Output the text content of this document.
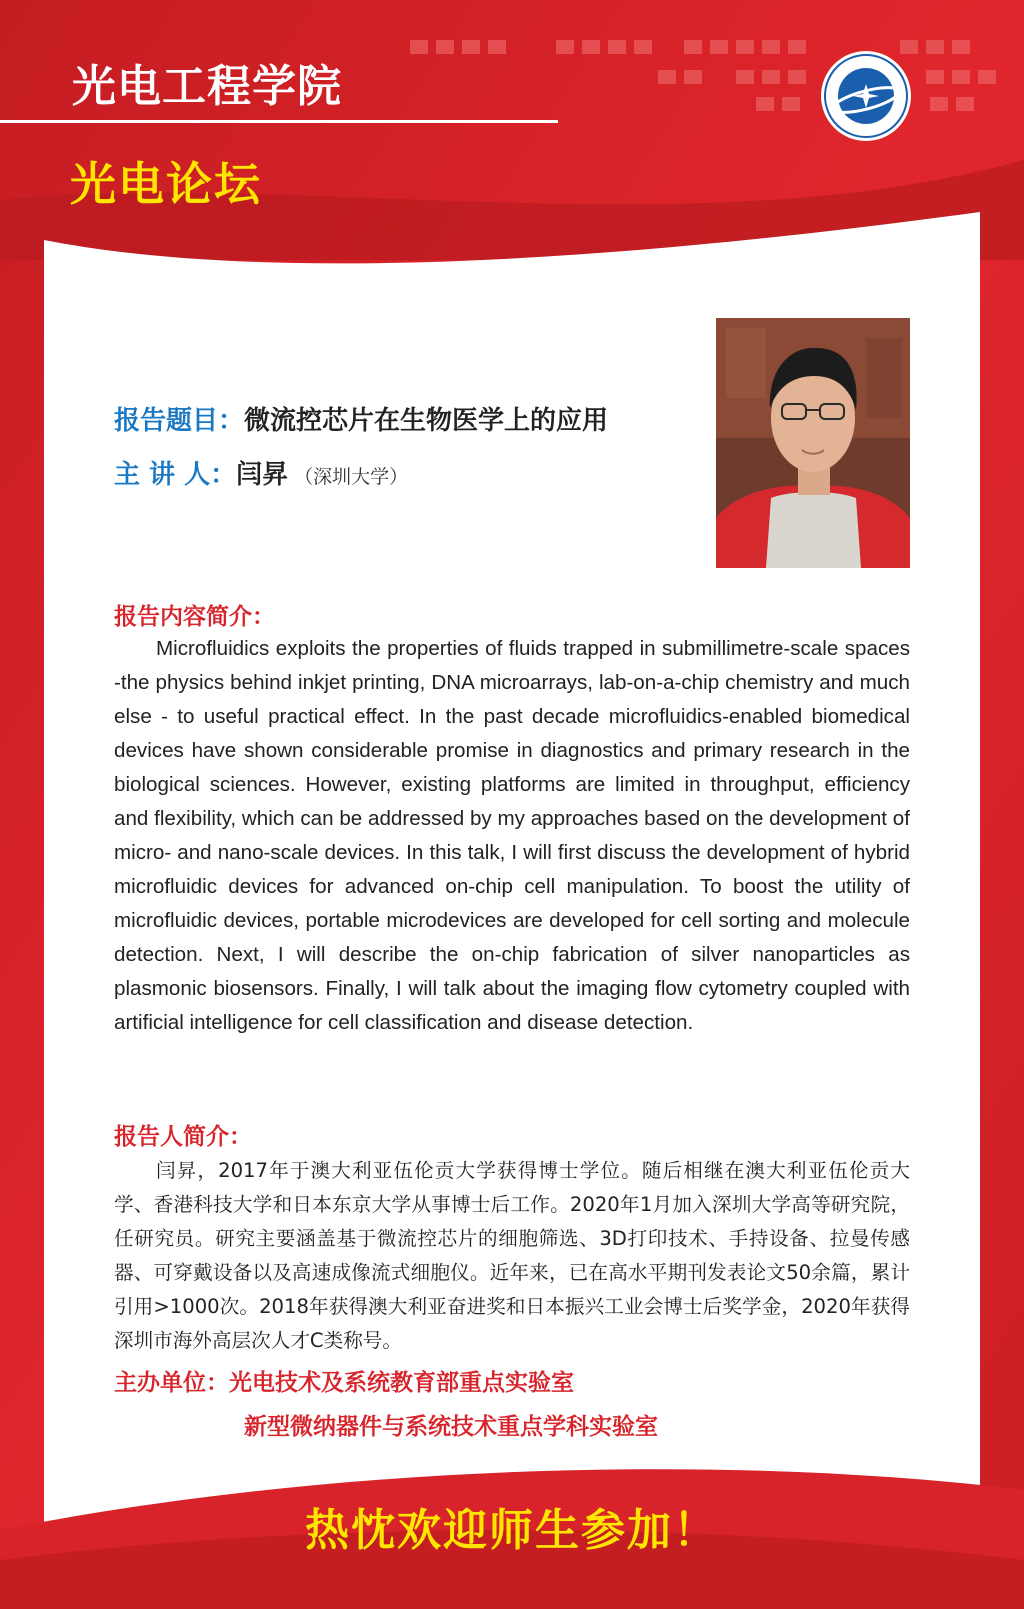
光电工程学院
光电论坛
报告题目：微流控芯片在生物医学上的应用
主 讲 人：闫昇 （深圳大学）
报告内容简介：
Microfluidics exploits the properties of fluids trapped in submillimetre-scale spaces -the physics behind inkjet printing, DNA microarrays, lab-on-a-chip chemistry and much else - to useful practical effect. In the past decade microfluidics-enabled biomedical devices have shown considerable promise in diagnostics and primary research in the biological sciences. However, existing platforms are limited in throughput, efficiency and flexibility, which can be addressed by my approaches based on the development of micro- and nano-scale devices. In this talk, I will first discuss the development of hybrid microfluidic devices for advanced on-chip cell manipulation. To boost the utility of microfluidic devices, portable microdevices are developed for cell sorting and molecule detection. Next, I will describe the on-chip fabrication of silver nanoparticles as plasmonic biosensors. Finally, I will talk about the imaging flow cytometry coupled with artificial intelligence for cell classification and disease detection.
报告人简介：
闫昇，2017年于澳大利亚伍伦贡大学获得博士学位。随后相继在澳大利亚伍伦贡大学、香港科技大学和日本东京大学从事博士后工作。2020年1月加入深圳大学高等研究院，任研究员。研究主要涵盖基于微流控芯片的细胞筛选、3D打印技术、手持设备、拉曼传感器、可穿戴设备以及高速成像流式细胞仪。近年来，已在高水平期刊发表论文50余篇，累计引用>1000次。2018年获得澳大利亚奋进奖和日本振兴工业会博士后奖学金，2020年获得深圳市海外高层次人才C类称号。
主办单位：光电技术及系统教育部重点实验室
新型微纳器件与系统技术重点学科实验室
热忱欢迎师生参加！
